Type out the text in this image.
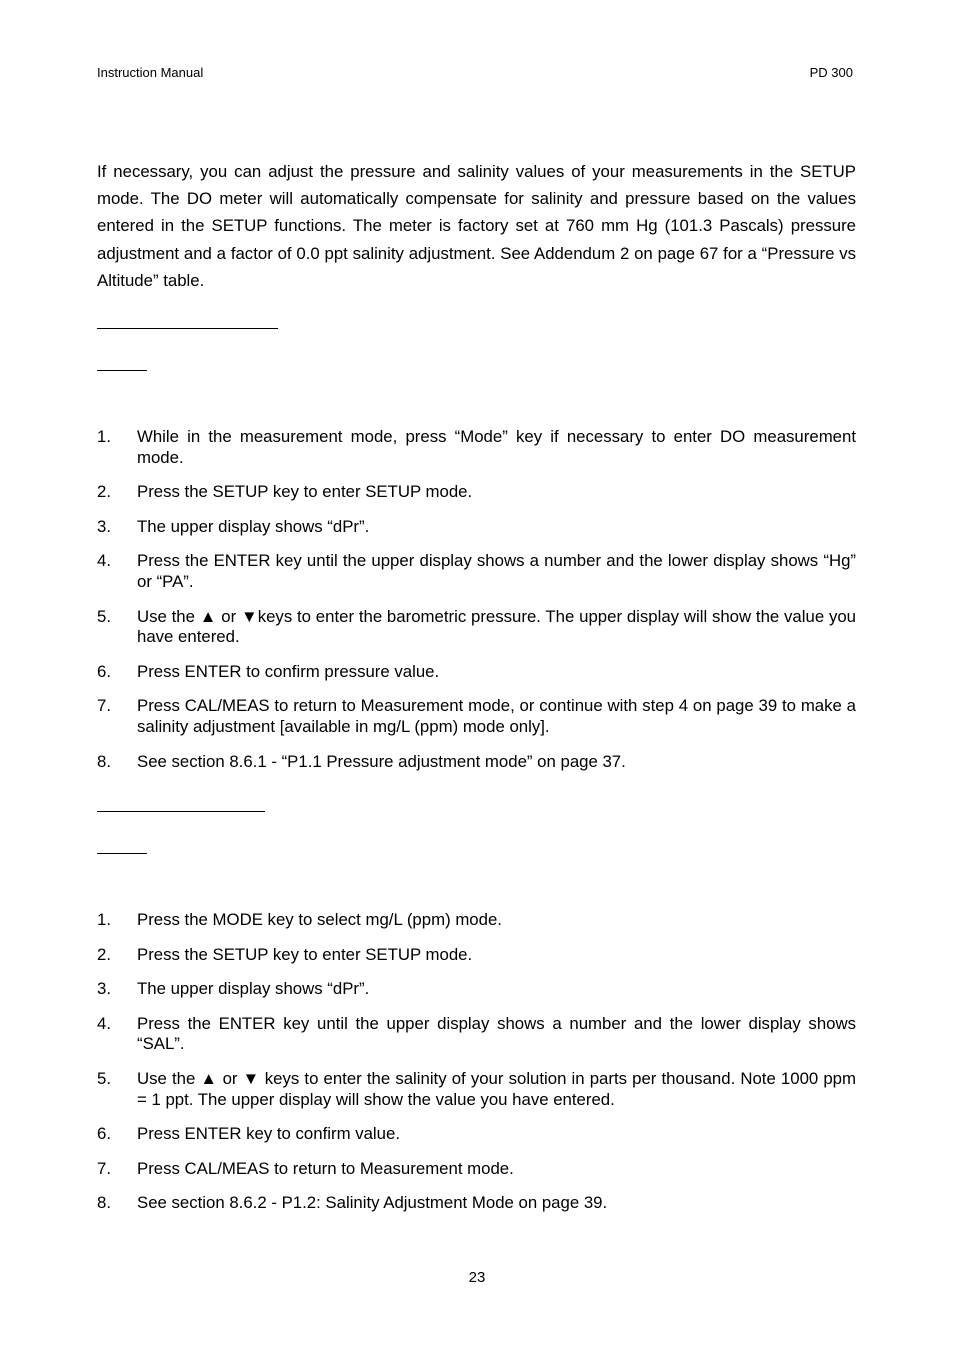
Instruction Manual	PD 300

If necessary, you can adjust the pressure and salinity values of your measurements in the SETUP mode. The DO meter will automatically compensate for salinity and pressure based on the values entered in the SETUP functions. The meter is factory set at 760 mm Hg (101.3 Pascals) pressure adjustment and a factor of 0.0 ppt salinity adjustment. See Addendum 2 on page 67 for a “Pressure vs Altitude” table.

1. While in the measurement mode, press “Mode” key if necessary to enter DO measurement mode.
2. Press the SETUP key to enter SETUP mode.
3. The upper display shows “dPr”.
4. Press the ENTER key until the upper display shows a number and the lower display shows “Hg” or “PA”.
5. Use the ▲ or ▼keys to enter the barometric pressure. The upper display will show the value you have entered.
6. Press ENTER to confirm pressure value.
7. Press CAL/MEAS to return to Measurement mode, or continue with step 4 on page 39 to make a salinity adjustment [available in mg/L (ppm) mode only].
8. See section 8.6.1 - “P1.1 Pressure adjustment mode” on page 37.
1. Press the MODE key to select mg/L (ppm) mode.
2. Press the SETUP key to enter SETUP mode.
3. The upper display shows “dPr”.
4. Press the ENTER key until the upper display shows a number and the lower display shows “SAL”.
5. Use the ▲ or ▼ keys to enter the salinity of your solution in parts per thousand. Note 1000 ppm = 1 ppt. The upper display will show the value you have entered.
6. Press ENTER key to confirm value.
7. Press CAL/MEAS to return to Measurement mode.
8. See section 8.6.2 - P1.2: Salinity Adjustment Mode on page 39.
23
